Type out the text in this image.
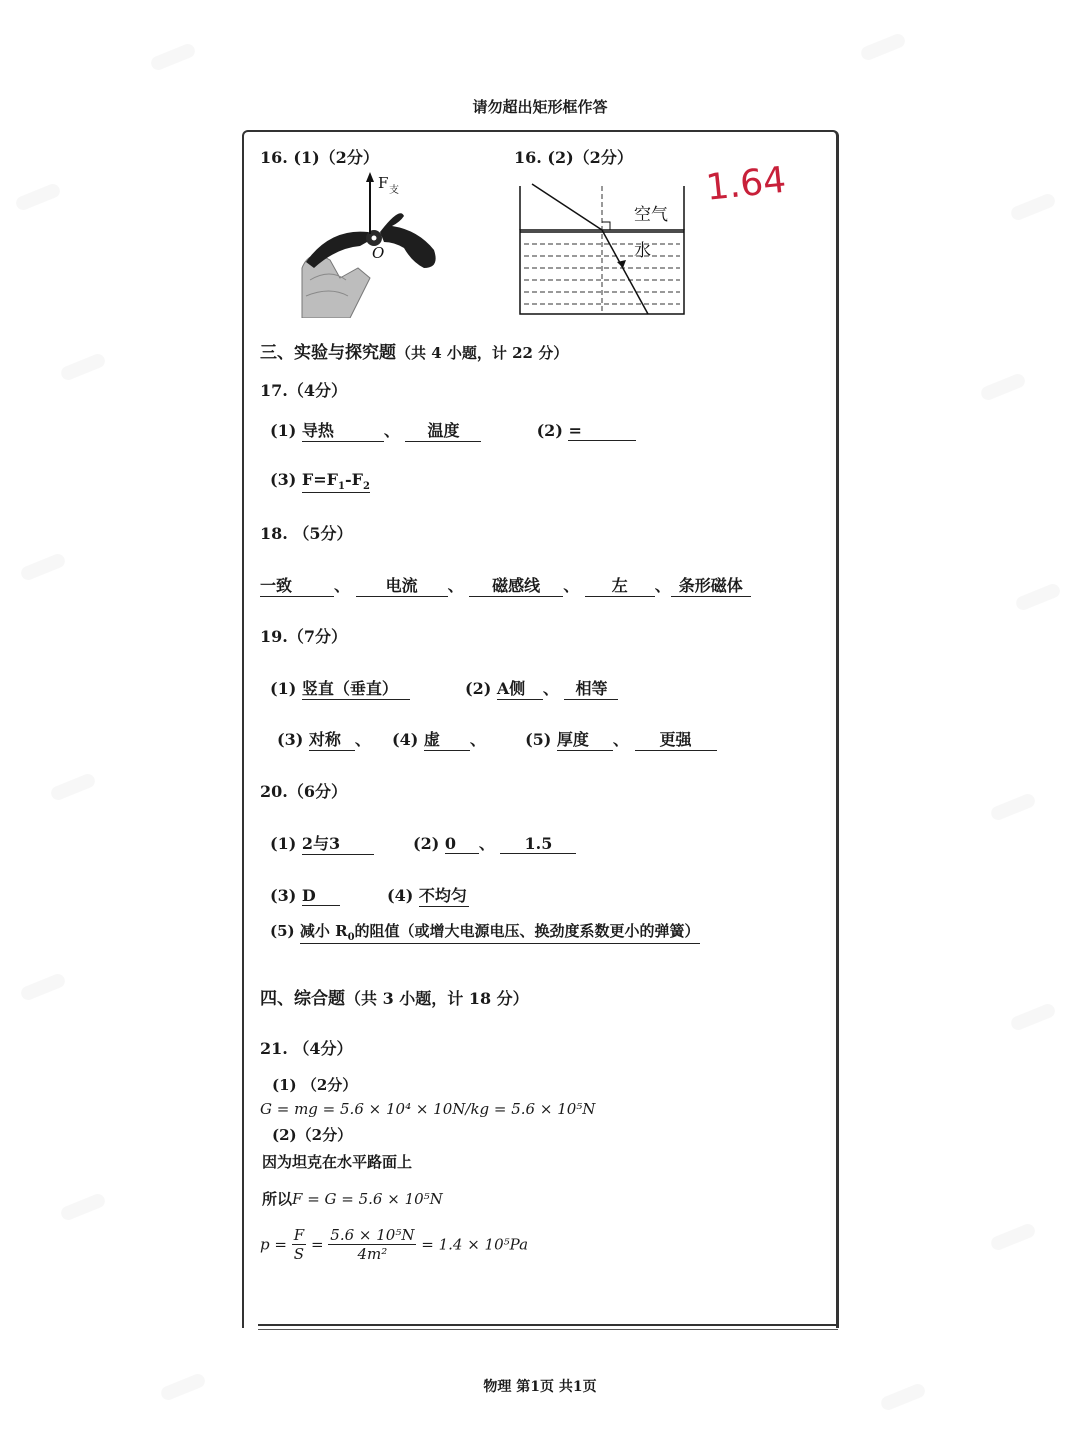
请勿超出矩形框作答
16. (1)（2分）	16. (2)（2分）
F 支
O
空气
水
1.64
三、实验与探究题（共 4 小题，计 22 分）
17.（4分）
(1) 导热	、 温度	(2) =
(3) $F=F_1-F_2$
18. （5分）
一致	、 电流 、 磁感线 、 左 、 条形磁体
19.（7分）
(1) 竖直（垂直）	(2) A侧 、 相等
(3) 对称 、 (4) 虚 、 (5) 厚度 、 更强
20.（6分）
(1) 2与3	(2) 0 、 1.5
(3) D	(4) 不均匀
(5) 减小 $R_0$的阻值（或增大电源电压、换劲度系数更小的弹簧）
四、综合题（共 3 小题，计 18 分）
21. （4分）
(1) （2分）
G = mg = 5.6 × 10⁴ × 10N/kg = 5.6 × 10⁵N
(2)（2分）
因为坦克在水平路面上
所以F = G = 5.6 × 10⁵N
$p = \frac{F}{S} = \frac{\text{5.6 × 10⁵N}}{\text{4m²}} = 1.4 \times 10^5Pa$
物理 第1页 共1页
